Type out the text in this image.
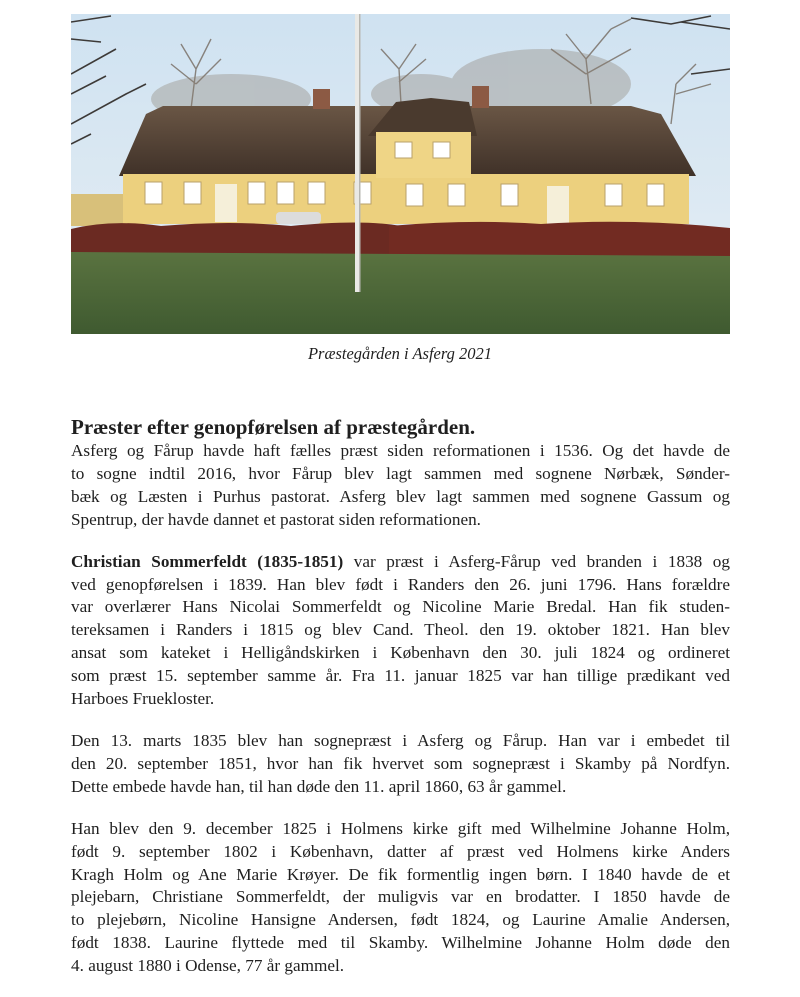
Præstegården i Asferg 2021
Præster efter genopførelsen af præstegården.

Asferg og Fårup havde haft fælles præst siden reformationen i 1536. Og det havde de
to sogne indtil 2016, hvor Fårup blev lagt sammen med sognene Nørbæk, Sønder-
bæk og Læsten i Purhus pastorat. Asferg blev lagt sammen med sognene Gassum og
Spentrup, der havde dannet et pastorat siden reformationen.

Christian Sommerfeldt (1835-1851) var præst i Asferg-Fårup ved branden i 1838 og
ved genopførelsen i 1839. Han blev født i Randers den 26. juni 1796. Hans forældre
var overlærer Hans Nicolai Sommerfeldt og Nicoline Marie Bredal. Han fik studen-
tereksamen i Randers i 1815 og blev Cand. Theol. den 19. oktober 1821. Han blev
ansat som kateket i Helligåndskirken i København den 30. juli 1824 og ordineret
som præst 15. september samme år. Fra 11. januar 1825 var han tillige prædikant ved
Harboes Fruekloster.

Den 13. marts 1835 blev han sognepræst i Asferg og Fårup. Han var i embedet til
den 20. september 1851, hvor han fik hvervet som sognepræst i Skamby på Nordfyn.
Dette embede havde han, til han døde den 11. april 1860, 63 år gammel.

Han blev den 9. december 1825 i Holmens kirke gift med Wilhelmine Johanne Holm,
født 9. september 1802 i København, datter af præst ved Holmens kirke Anders
Kragh Holm og Ane Marie Krøyer. De fik formentlig ingen børn. I 1840 havde de et
plejebarn, Christiane Sommerfeldt, der muligvis var en brodatter. I 1850 havde de
to plejebørn, Nicoline Hansigne Andersen, født 1824, og Laurine Amalie Andersen,
født 1838. Laurine flyttede med til Skamby. Wilhelmine Johanne Holm døde den
4. august 1880 i Odense, 77 år gammel.
